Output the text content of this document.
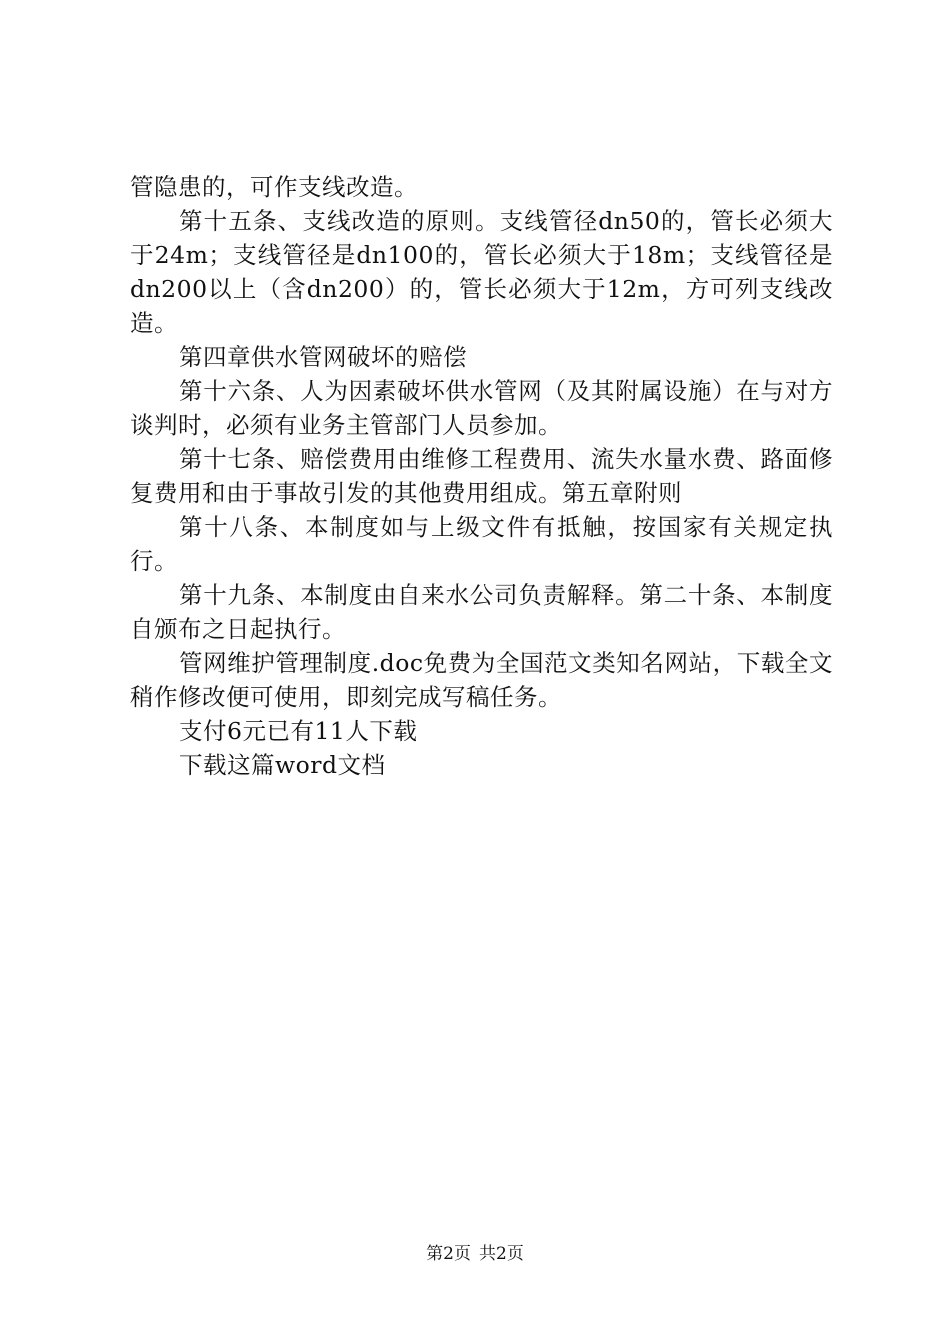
管隐患的，可作支线改造。

第十五条、支线改造的原则。支线管径dn50的，管长必须大于24m；支线管径是dn100的，管长必须大于18m；支线管径是dn200以上（含dn200）的，管长必须大于12m，方可列支线改造。

第四章供水管网破坏的赔偿

第十六条、人为因素破坏供水管网（及其附属设施）在与对方谈判时，必须有业务主管部门人员参加。

第十七条、赔偿费用由维修工程费用、流失水量水费、路面修复费用和由于事故引发的其他费用组成。第五章附则

第十八条、本制度如与上级文件有抵触，按国家有关规定执行。

第十九条、本制度由自来水公司负责解释。第二十条、本制度自颁布之日起执行。

管网维护管理制度.doc免费为全国范文类知名网站，下载全文稍作修改便可使用，即刻完成写稿任务。

支付6元已有11人下载

下载这篇word文档

第2页 共2页
